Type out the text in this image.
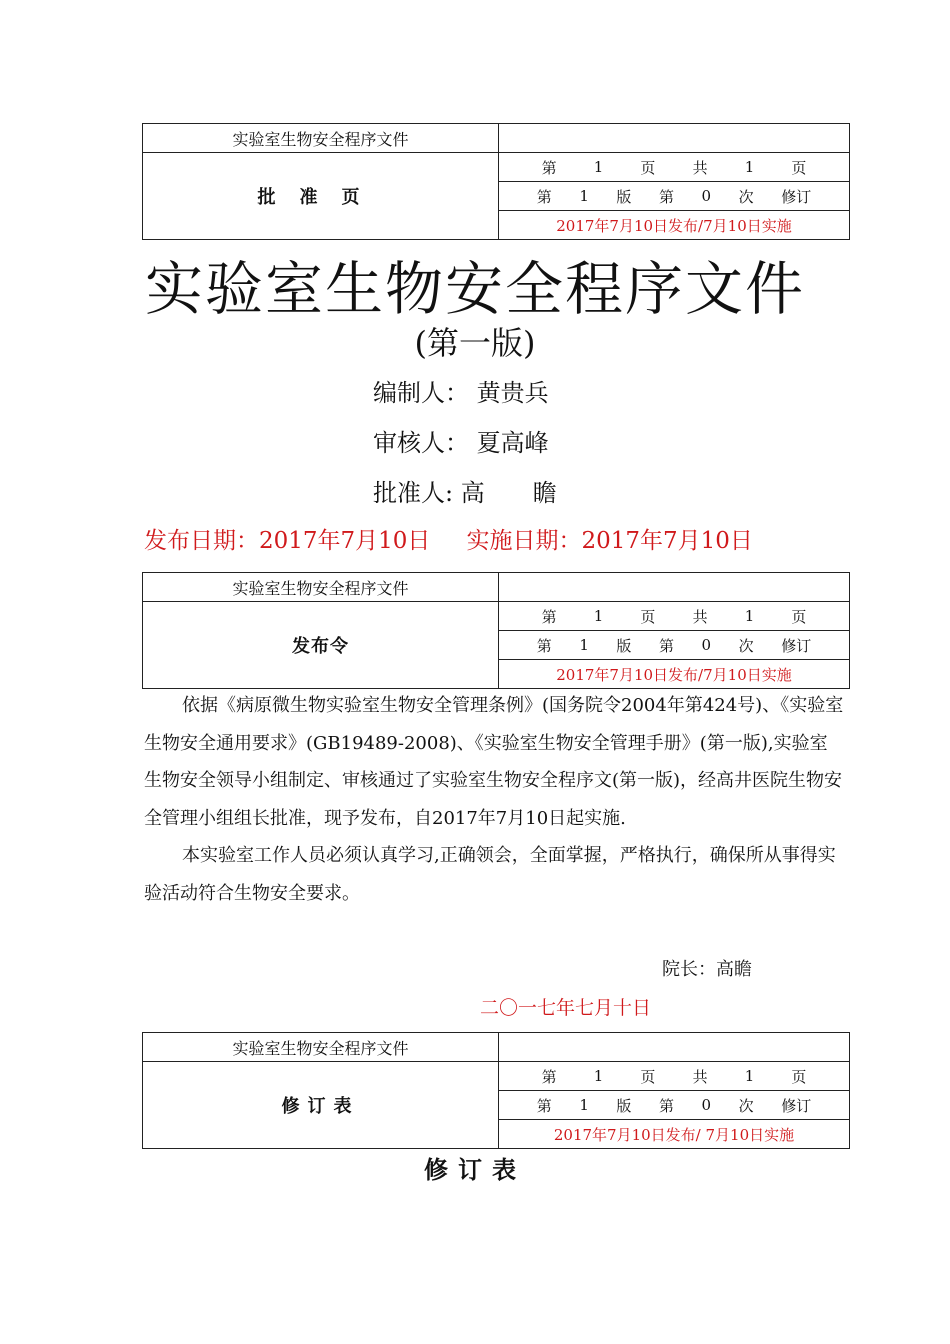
实验室生物安全程序文件
批准页
第 1 页 共 1 页
第 1 版 第 0 次 修订
2017年7月10日发布/7月10日实施
实验室生物安全程序文件
(第一版)
编制人： 黄贵兵
审核人： 夏高峰
批准人: 高　　瞻
发布日期：2017年7月10日 实施日期：2017年7月10日
实验室生物安全程序文件
发布令
第 1 页 共 1 页
第 1 版 第 0 次 修订
2017年7月10日发布/7月10日实施

依据《病原微生物实验室生物安全管理条例》(国务院令2004年第424号)、《实验室生物安全通用要求》(GB19489-2008)、《实验室生物安全管理手册》(第一版),实验室生物安全领导小组制定、审核通过了实验室生物安全程序文(第一版)，经高井医院生物安全管理小组组长批准，现予发布，自2017年7月10日起实施.

本实验室工作人员必须认真学习,正确领会，全面掌握，严格执行，确保所从事得实验活动符合生物安全要求。

院长：高瞻
二〇一七年七月十日
实验室生物安全程序文件
修订表
第 1 页 共 1 页
第 1 版 第 0 次 修订
2017年7月10日发布/ 7月10日实施
修订表
